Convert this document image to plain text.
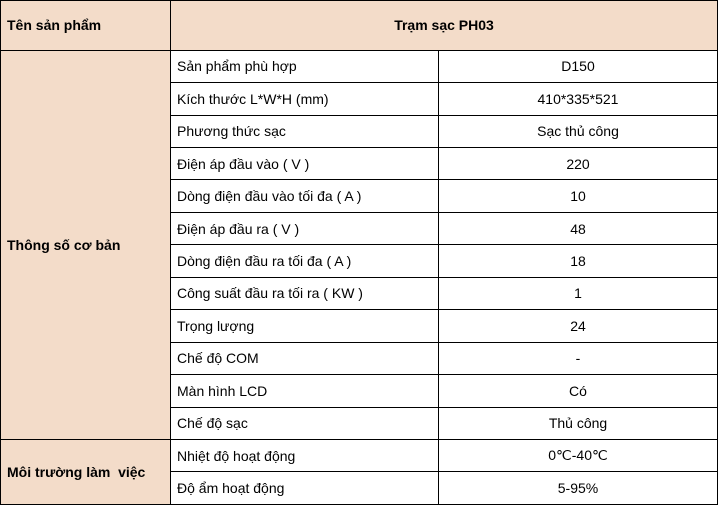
Tên sản phẩm	Trạm sạc PH03	
Thông số cơ bản	Sản phẩm phù hợp	D150
	Kích thước L*W*H (mm)	410*335*521
	Phương thức sạc	Sạc thủ công
	Điện áp đầu vào ( V )	220
	Dòng điện đầu vào tối đa ( A )	10
	Điện áp đầu ra ( V )	48
	Dòng điện đầu ra tối đa ( A )	18
	Công suất đầu ra tối ra ( KW )	1
	Trọng lượng	24
	Chế độ COM	-
	Màn hình LCD	Có
	Chế độ sạc	Thủ công
Môi trường làm  việc	Nhiệt độ hoạt động	0℃-40℃
	Độ ẩm hoạt động	5-95%
